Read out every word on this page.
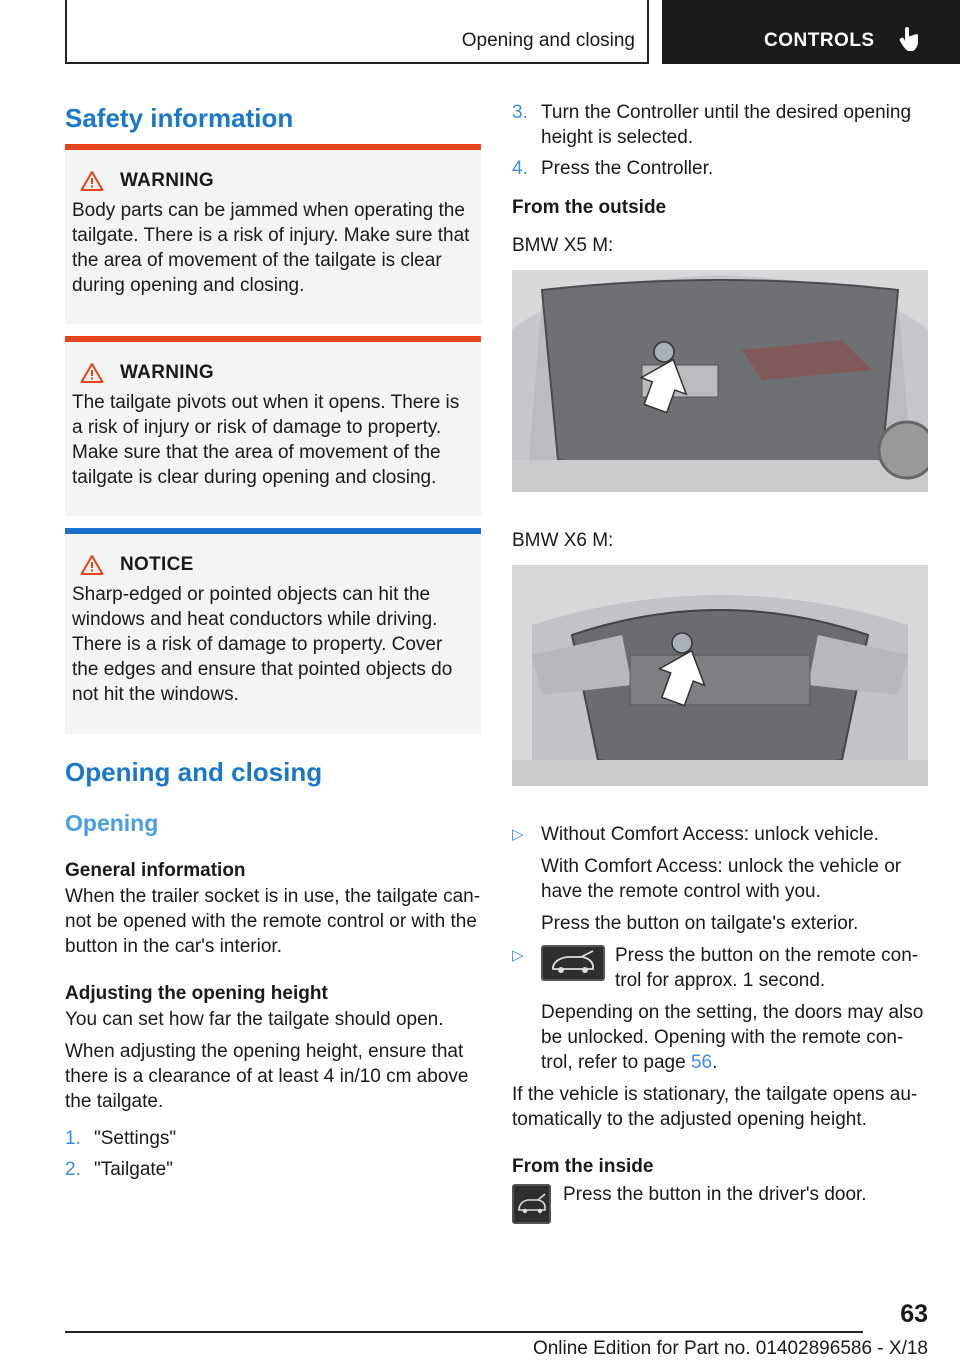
Opening and closing	CONTROLS
Safety information
WARNING
Body parts can be jammed when operating the tailgate. There is a risk of injury. Make sure that the area of movement of the tailgate is clear during opening and closing.
WARNING
The tailgate pivots out when it opens. There is a risk of injury or risk of damage to property. Make sure that the area of movement of the tailgate is clear during opening and closing.
NOTICE
Sharp-edged or pointed objects can hit the windows and heat conductors while driving. There is a risk of damage to property. Cover the edges and ensure that pointed objects do not hit the windows.
Opening and closing
Opening
General information

When the trailer socket is in use, the tailgate can‐not be opened with the remote control or with the button in the car's interior.

Adjusting the opening height

You can set how far the tailgate should open.

When adjusting the opening height, ensure that there is a clearance of at least 4 in/10 cm above the tailgate.

1. "Settings"
2. "Tailgate"
3. Turn the Controller until the desired opening height is selected.
4. Press the Controller.
From the outside

BMW X5 M:

BMW X6 M:

▷ Without Comfort Access: unlock vehicle.

With Comfort Access: unlock the vehicle or have the remote control with you.

Press the button on tailgate's exterior.

▷	Press the button on the remote con‐trol for approx. 1 second.

Depending on the setting, the doors may also be unlocked. Opening with the remote con‐trol, refer to page 56.

If the vehicle is stationary, the tailgate opens au‐tomatically to the adjusted opening height.

From the inside
Press the button in the driver's door.
63
Online Edition for Part no. 01402896586 - X/18
